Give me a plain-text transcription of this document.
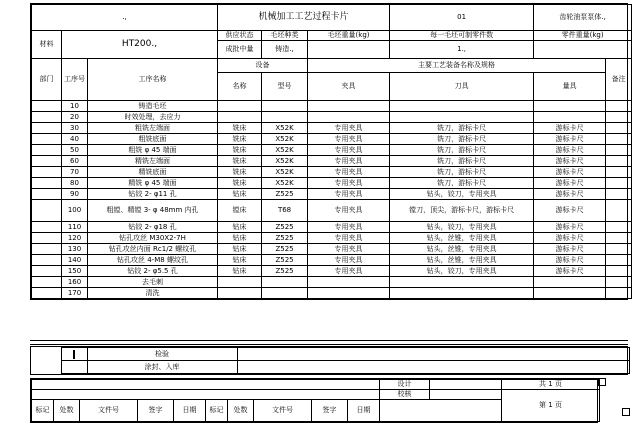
.,			机械加工工艺过程卡片			01	齿轮油泵泵体.,	
材料	HT200.,		供应状态	毛坯种类	毛坯重量(kg)	每一毛坯可制零件数	零件重量(kg)	
			成批中量	铸造.,		1.,		
部门	工序号	工序名称	设备		主要工艺装备名称及规格			备注
			名称	型号	夹具	刀具	量具	
	10	铸造毛坯						
	20	时效处理，去应力						
	30	粗铣左端面	铣床	X52K	专用夹具	铣刀，游标卡尺	游标卡尺	
	40	粗铣底面	铣床	X52K	专用夹具	铣刀，游标卡尺	游标卡尺	
	50	粗铣 φ 45 端面	铣床	X52K	专用夹具	铣刀，游标卡尺	游标卡尺	
	60	精铣左端面	铣床	X52K	专用夹具	铣刀，游标卡尺	游标卡尺	
	70	精铣底面	铣床	X52K	专用夹具	铣刀，游标卡尺	游标卡尺	
	80	精铣 φ 45 端面	铣床	X52K	专用夹具	铣刀，游标卡尺	游标卡尺	
	90	钻铰 2- φ11 孔	钻床	Z525	专用夹具	钻头，铰刀，专用夹具	游标卡尺	
	100	粗镗、精镗 3- φ 48mm 内孔	镗床	T68	专用夹具	镗刀，顶尖，游标卡尺，游标卡尺	游标卡尺	
	110	钻铰 2- φ18 孔	钻床	Z525	专用夹具	钻头，铰刀，专用夹具	游标卡尺	
	120	钻孔攻丝 M30X2-7H	钻床	Z525	专用夹具	钻头，丝锥，专用夹具	游标卡尺	
	130	钻孔攻丝内面 Rc1/2 螺纹孔	钻床	Z525	专用夹具	钻头，丝锥，专用夹具	游标卡尺	
	140	钻孔攻丝 4-M8 螺纹孔	钻床	Z525	专用夹具	钻头，丝锥，专用夹具	游标卡尺	
	150	钻铰 2- φ5.5 孔	钻床	Z525	专用夹具	钻头，铰刀，专用夹具	游标卡尺	
	160	去毛刺						
	170	清洗						
		检验	
		涂封、入库	
										设计		共 1 页
										校核		第 1 页
标记	处数	文件号	签字	日期	标记	处数	文件号	签字	日期			
